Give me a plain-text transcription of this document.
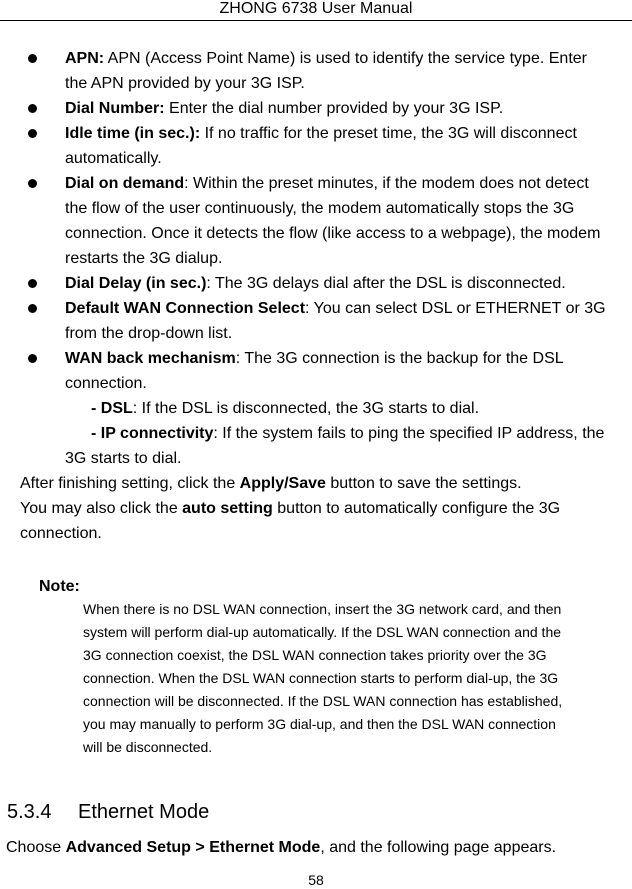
ZHONG 6738 User Manual
APN: APN (Access Point Name) is used to identify the service type. Enter
the APN provided by your 3G ISP.
Dial Number: Enter the dial number provided by your 3G ISP.
Idle time (in sec.): If no traffic for the preset time, the 3G will disconnect
automatically.
Dial on demand: Within the preset minutes, if the modem does not detect
the flow of the user continuously, the modem automatically stops the 3G
connection. Once it detects the flow (like access to a webpage), the modem
restarts the 3G dialup.
Dial Delay (in sec.): The 3G delays dial after the DSL is disconnected.
Default WAN Connection Select: You can select DSL or ETHERNET or 3G
from the drop-down list.
WAN back mechanism: The 3G connection is the backup for the DSL
connection.
- DSL: If the DSL is disconnected, the 3G starts to dial.
- IP connectivity: If the system fails to ping the specified IP address, the
3G starts to dial.
After finishing setting, click the Apply/Save button to save the settings.
You may also click the auto setting button to automatically configure the 3G
connection.
Note:
When there is no DSL WAN connection, insert the 3G network card, and then
system will perform dial-up automatically. If the DSL WAN connection and the
3G connection coexist, the DSL WAN connection takes priority over the 3G
connection. When the DSL WAN connection starts to perform dial-up, the 3G
connection will be disconnected. If the DSL WAN connection has established,
you may manually to perform 3G dial-up, and then the DSL WAN connection
will be disconnected.
5.3.4 Ethernet Mode
Choose Advanced Setup > Ethernet Mode, and the following page appears.
58
